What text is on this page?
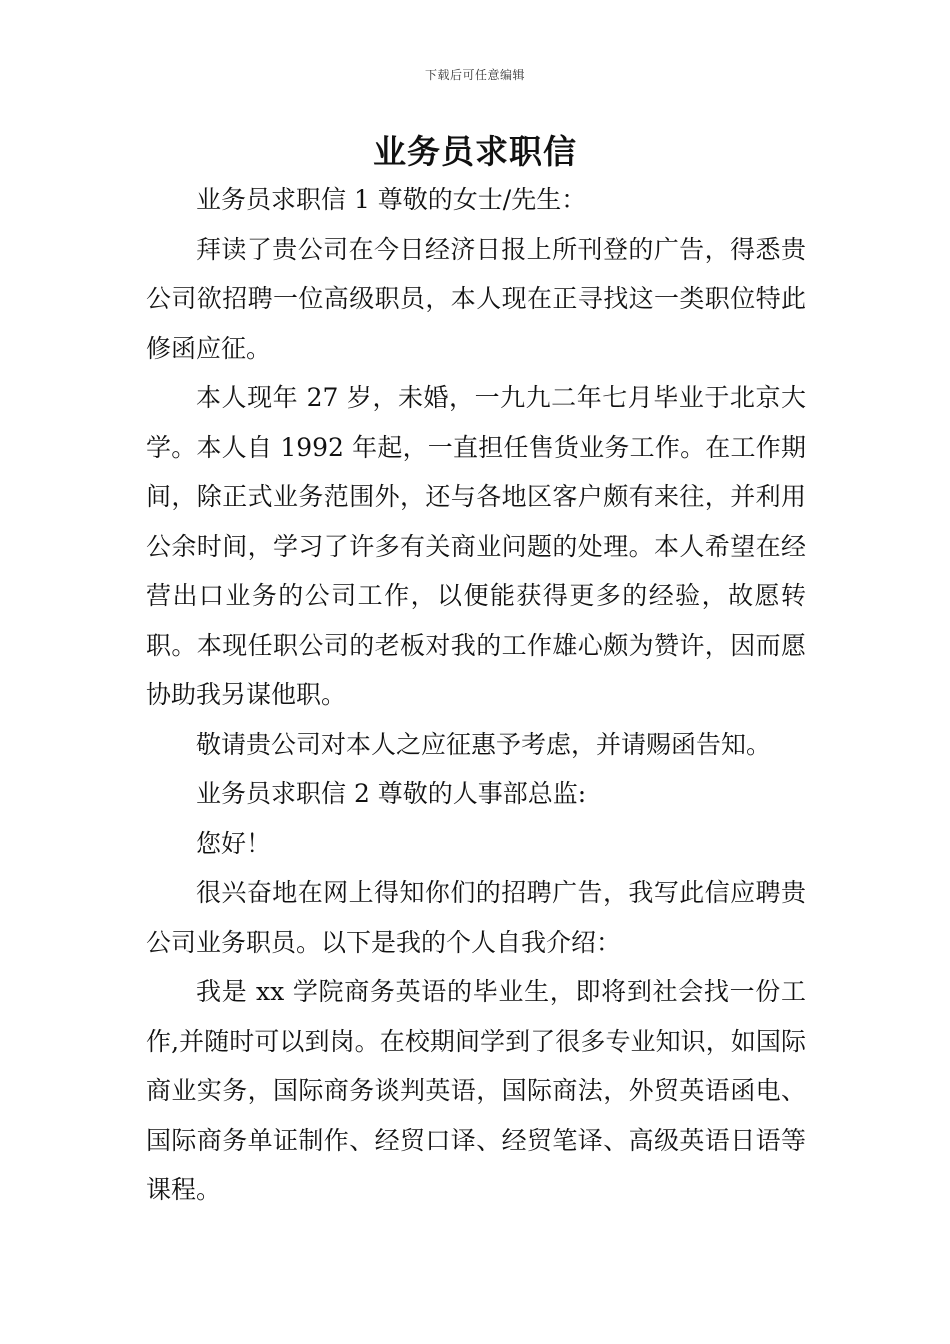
下载后可任意编辑
业务员求职信

业务员求职信 1 尊敬的女士/先生：

拜读了贵公司在今日经济日报上所刊登的广告，得悉贵公司欲招聘一位高级职员，本人现在正寻找这一类职位特此修函应征。

本人现年 27 岁，未婚，一九九二年七月毕业于北京大学。本人自 1992 年起，一直担任售货业务工作。在工作期间，除正式业务范围外，还与各地区客户颇有来往，并利用公余时间，学习了许多有关商业问题的处理。本人希望在经营出口业务的公司工作，以便能获得更多的经验，故愿转职。本现任职公司的老板对我的工作雄心颇为赞许，因而愿协助我另谋他职。

敬请贵公司对本人之应征惠予考虑，并请赐函告知。

业务员求职信 2 尊敬的人事部总监:

您好！

很兴奋地在网上得知你们的招聘广告，我写此信应聘贵公司业务职员。以下是我的个人自我介绍：

我是 xx 学院商务英语的毕业生，即将到社会找一份工作,并随时可以到岗。在校期间学到了很多专业知识，如国际商业实务，国际商务谈判英语，国际商法，外贸英语函电、国际商务单证制作、经贸口译、经贸笔译、高级英语日语等课程。
